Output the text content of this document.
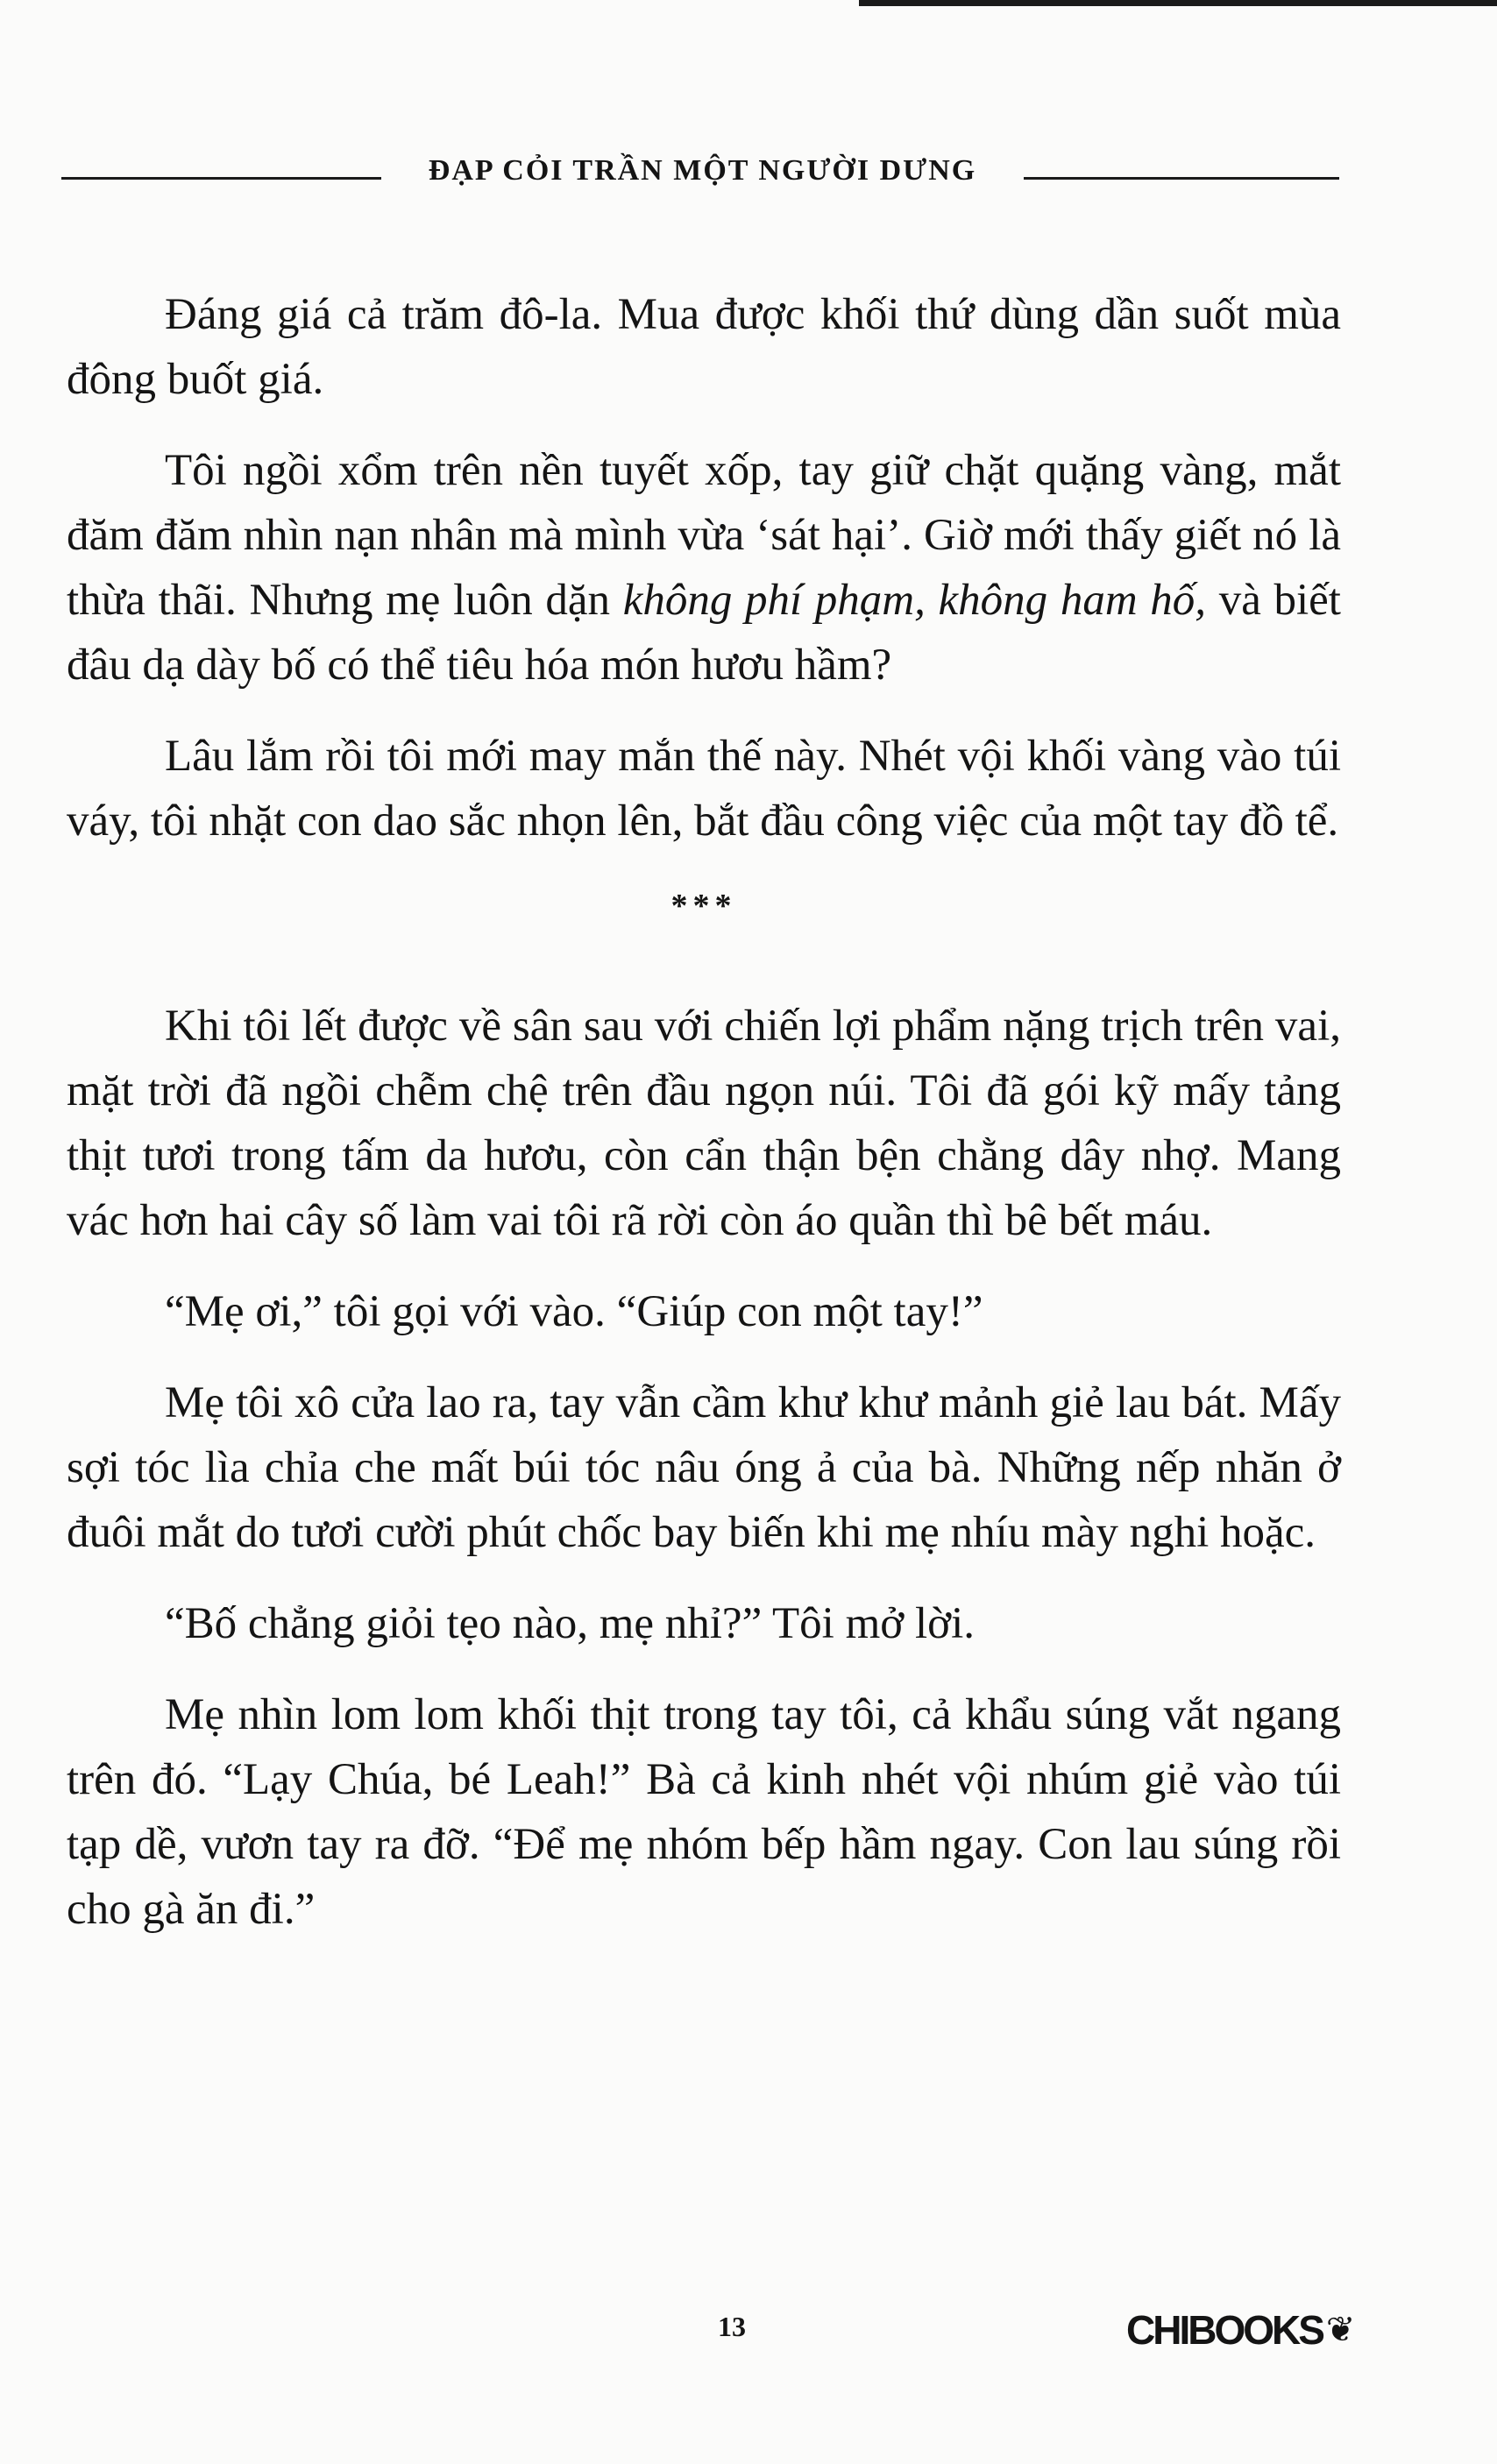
ĐẠP CỎI TRẦN MỘT NGƯỜI DƯNG

Đáng giá cả trăm đô-la. Mua được khối thứ dùng dần suốt mùa đông buốt giá.

Tôi ngồi xổm trên nền tuyết xốp, tay giữ chặt quặng vàng, mắt đăm đăm nhìn nạn nhân mà mình vừa ‘sát hại’. Giờ mới thấy giết nó là thừa thãi. Nhưng mẹ luôn dặn không phí phạm, không ham hố, và biết đâu dạ dày bố có thể tiêu hóa món hươu hầm?

Lâu lắm rồi tôi mới may mắn thế này. Nhét vội khối vàng vào túi váy, tôi nhặt con dao sắc nhọn lên, bắt đầu công việc của một tay đồ tể.

***

Khi tôi lết được về sân sau với chiến lợi phẩm nặng trịch trên vai, mặt trời đã ngồi chễm chệ trên đầu ngọn núi. Tôi đã gói kỹ mấy tảng thịt tươi trong tấm da hươu, còn cẩn thận bện chằng dây nhợ. Mang vác hơn hai cây số làm vai tôi rã rời còn áo quần thì bê bết máu.

“Mẹ ơi,” tôi gọi với vào. “Giúp con một tay!”

Mẹ tôi xô cửa lao ra, tay vẫn cầm khư khư mảnh giẻ lau bát. Mấy sợi tóc lìa chỉa che mất búi tóc nâu óng ả của bà. Những nếp nhăn ở đuôi mắt do tươi cười phút chốc bay biến khi mẹ nhíu mày nghi hoặc.

“Bố chẳng giỏi tẹo nào, mẹ nhỉ?” Tôi mở lời.

Mẹ nhìn lom lom khối thịt trong tay tôi, cả khẩu súng vắt ngang trên đó. “Lạy Chúa, bé Leah!” Bà cả kinh nhét vội nhúm giẻ vào túi tạp dề, vươn tay ra đỡ. “Để mẹ nhóm bếp hầm ngay. Con lau súng rồi cho gà ăn đi.”

13	CHIBOOKS ❦
